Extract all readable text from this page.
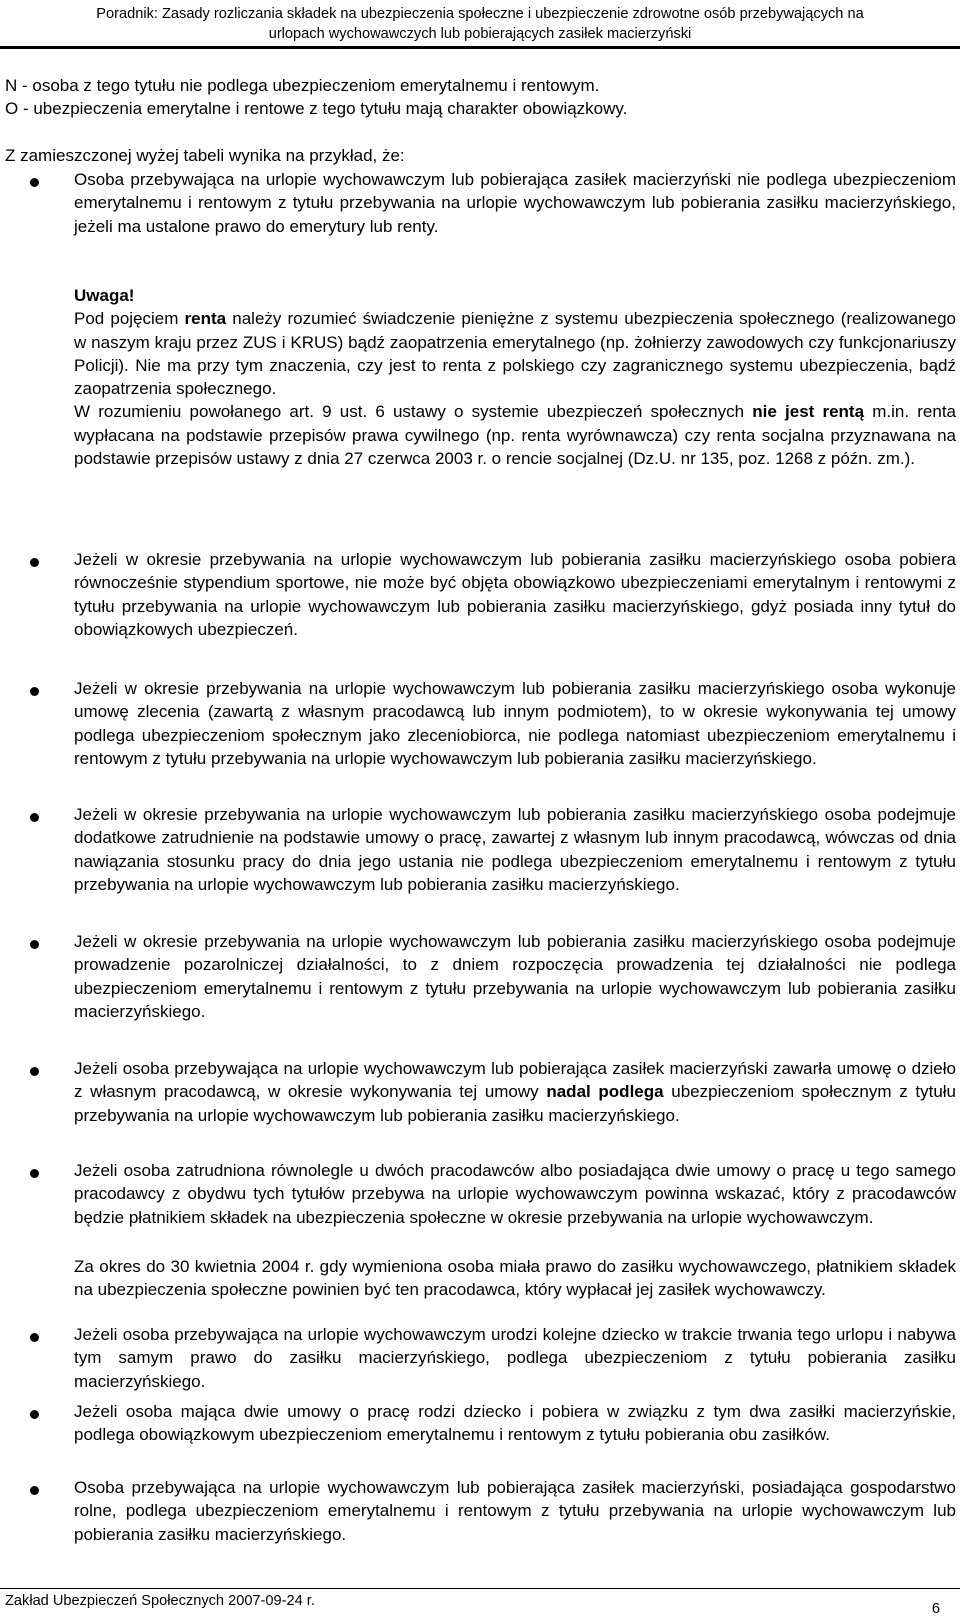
Poradnik: Zasady rozliczania składek na ubezpieczenia społeczne i ubezpieczenie zdrowotne osób przebywających na
urlopach wychowawczych lub pobierających zasiłek macierzyński
N - osoba z tego tytułu nie podlega ubezpieczeniom emerytalnemu i rentowym.
O - ubezpieczenia emerytalne i rentowe z tego tytułu mają charakter obowiązkowy.
Z zamieszczonej wyżej tabeli wynika na przykład, że:
Osoba przebywająca na urlopie wychowawczym lub pobierająca zasiłek macierzyński nie podlega ubezpieczeniom emerytalnemu i rentowym z tytułu przebywania na urlopie wychowawczym lub pobierania zasiłku macierzyńskiego, jeżeli ma ustalone prawo do emerytury lub renty.
Uwaga!
Pod pojęciem renta należy rozumieć świadczenie pieniężne z systemu ubezpieczenia społecznego (realizowanego w naszym kraju przez ZUS i KRUS) bądź zaopatrzenia emerytalnego (np. żołnierzy zawodowych czy funkcjonariuszy Policji). Nie ma przy tym znaczenia, czy jest to renta z polskiego czy zagranicznego systemu ubezpieczenia, bądź zaopatrzenia społecznego.
W rozumieniu powołanego art. 9 ust. 6 ustawy o systemie ubezpieczeń społecznych nie jest rentą m.in. renta wypłacana na podstawie przepisów prawa cywilnego (np. renta wyrównawcza) czy renta socjalna przyznawana na podstawie przepisów ustawy z dnia 27 czerwca 2003 r. o rencie socjalnej (Dz.U. nr 135, poz. 1268 z późn. zm.).
Jeżeli w okresie przebywania na urlopie wychowawczym lub pobierania zasiłku macierzyńskiego osoba pobiera równocześnie stypendium sportowe, nie może być objęta obowiązkowo ubezpieczeniami emerytalnym i rentowymi z tytułu przebywania na urlopie wychowawczym lub pobierania zasiłku macierzyńskiego, gdyż posiada inny tytuł do obowiązkowych ubezpieczeń.
Jeżeli w okresie przebywania na urlopie wychowawczym lub pobierania zasiłku macierzyńskiego osoba wykonuje umowę zlecenia (zawartą z własnym pracodawcą lub innym podmiotem), to w okresie wykonywania tej umowy podlega ubezpieczeniom społecznym jako zleceniobiorca, nie podlega natomiast ubezpieczeniom emerytalnemu i rentowym z tytułu przebywania na urlopie wychowawczym lub pobierania zasiłku macierzyńskiego.
Jeżeli w okresie przebywania na urlopie wychowawczym lub pobierania zasiłku macierzyńskiego osoba podejmuje dodatkowe zatrudnienie na podstawie umowy o pracę, zawartej z własnym lub innym pracodawcą, wówczas od dnia nawiązania stosunku pracy do dnia jego ustania nie podlega ubezpieczeniom emerytalnemu i rentowym z tytułu przebywania na urlopie wychowawczym lub pobierania zasiłku macierzyńskiego.
Jeżeli w okresie przebywania na urlopie wychowawczym lub pobierania zasiłku macierzyńskiego osoba podejmuje prowadzenie pozarolniczej działalności, to z dniem rozpoczęcia prowadzenia tej działalności nie podlega ubezpieczeniom emerytalnemu i rentowym z tytułu przebywania na urlopie wychowawczym lub pobierania zasiłku macierzyńskiego.
Jeżeli osoba przebywająca na urlopie wychowawczym lub pobierająca zasiłek macierzyński zawarła umowę o dzieło z własnym pracodawcą, w okresie wykonywania tej umowy nadal podlega ubezpieczeniom społecznym z tytułu przebywania na urlopie wychowawczym lub pobierania zasiłku macierzyńskiego.
Jeżeli osoba zatrudniona równolegle u dwóch pracodawców albo posiadająca dwie umowy o pracę u tego samego pracodawcy z obydwu tych tytułów przebywa na urlopie wychowawczym powinna wskazać, który z pracodawców będzie płatnikiem składek na ubezpieczenia społeczne w okresie przebywania na urlopie wychowawczym.
Za okres do 30 kwietnia 2004 r. gdy wymieniona osoba miała prawo do zasiłku wychowawczego, płatnikiem składek na ubezpieczenia społeczne powinien być ten pracodawca, który wypłacał jej zasiłek wychowawczy.
Jeżeli osoba przebywająca na urlopie wychowawczym urodzi kolejne dziecko w trakcie trwania tego urlopu i nabywa tym samym prawo do zasiłku macierzyńskiego, podlega ubezpieczeniom z tytułu pobierania zasiłku macierzyńskiego.
Jeżeli osoba mająca dwie umowy o pracę rodzi dziecko i pobiera w związku z tym dwa zasiłki macierzyńskie, podlega obowiązkowym ubezpieczeniom emerytalnemu i rentowym z tytułu pobierania obu zasiłków.
Osoba przebywająca na urlopie wychowawczym lub pobierająca zasiłek macierzyński, posiadająca gospodarstwo rolne, podlega ubezpieczeniom emerytalnemu i rentowym z tytułu przebywania na urlopie wychowawczym lub pobierania zasiłku macierzyńskiego.
Zakład Ubezpieczeń Społecznych 2007-09-24 r.	6
